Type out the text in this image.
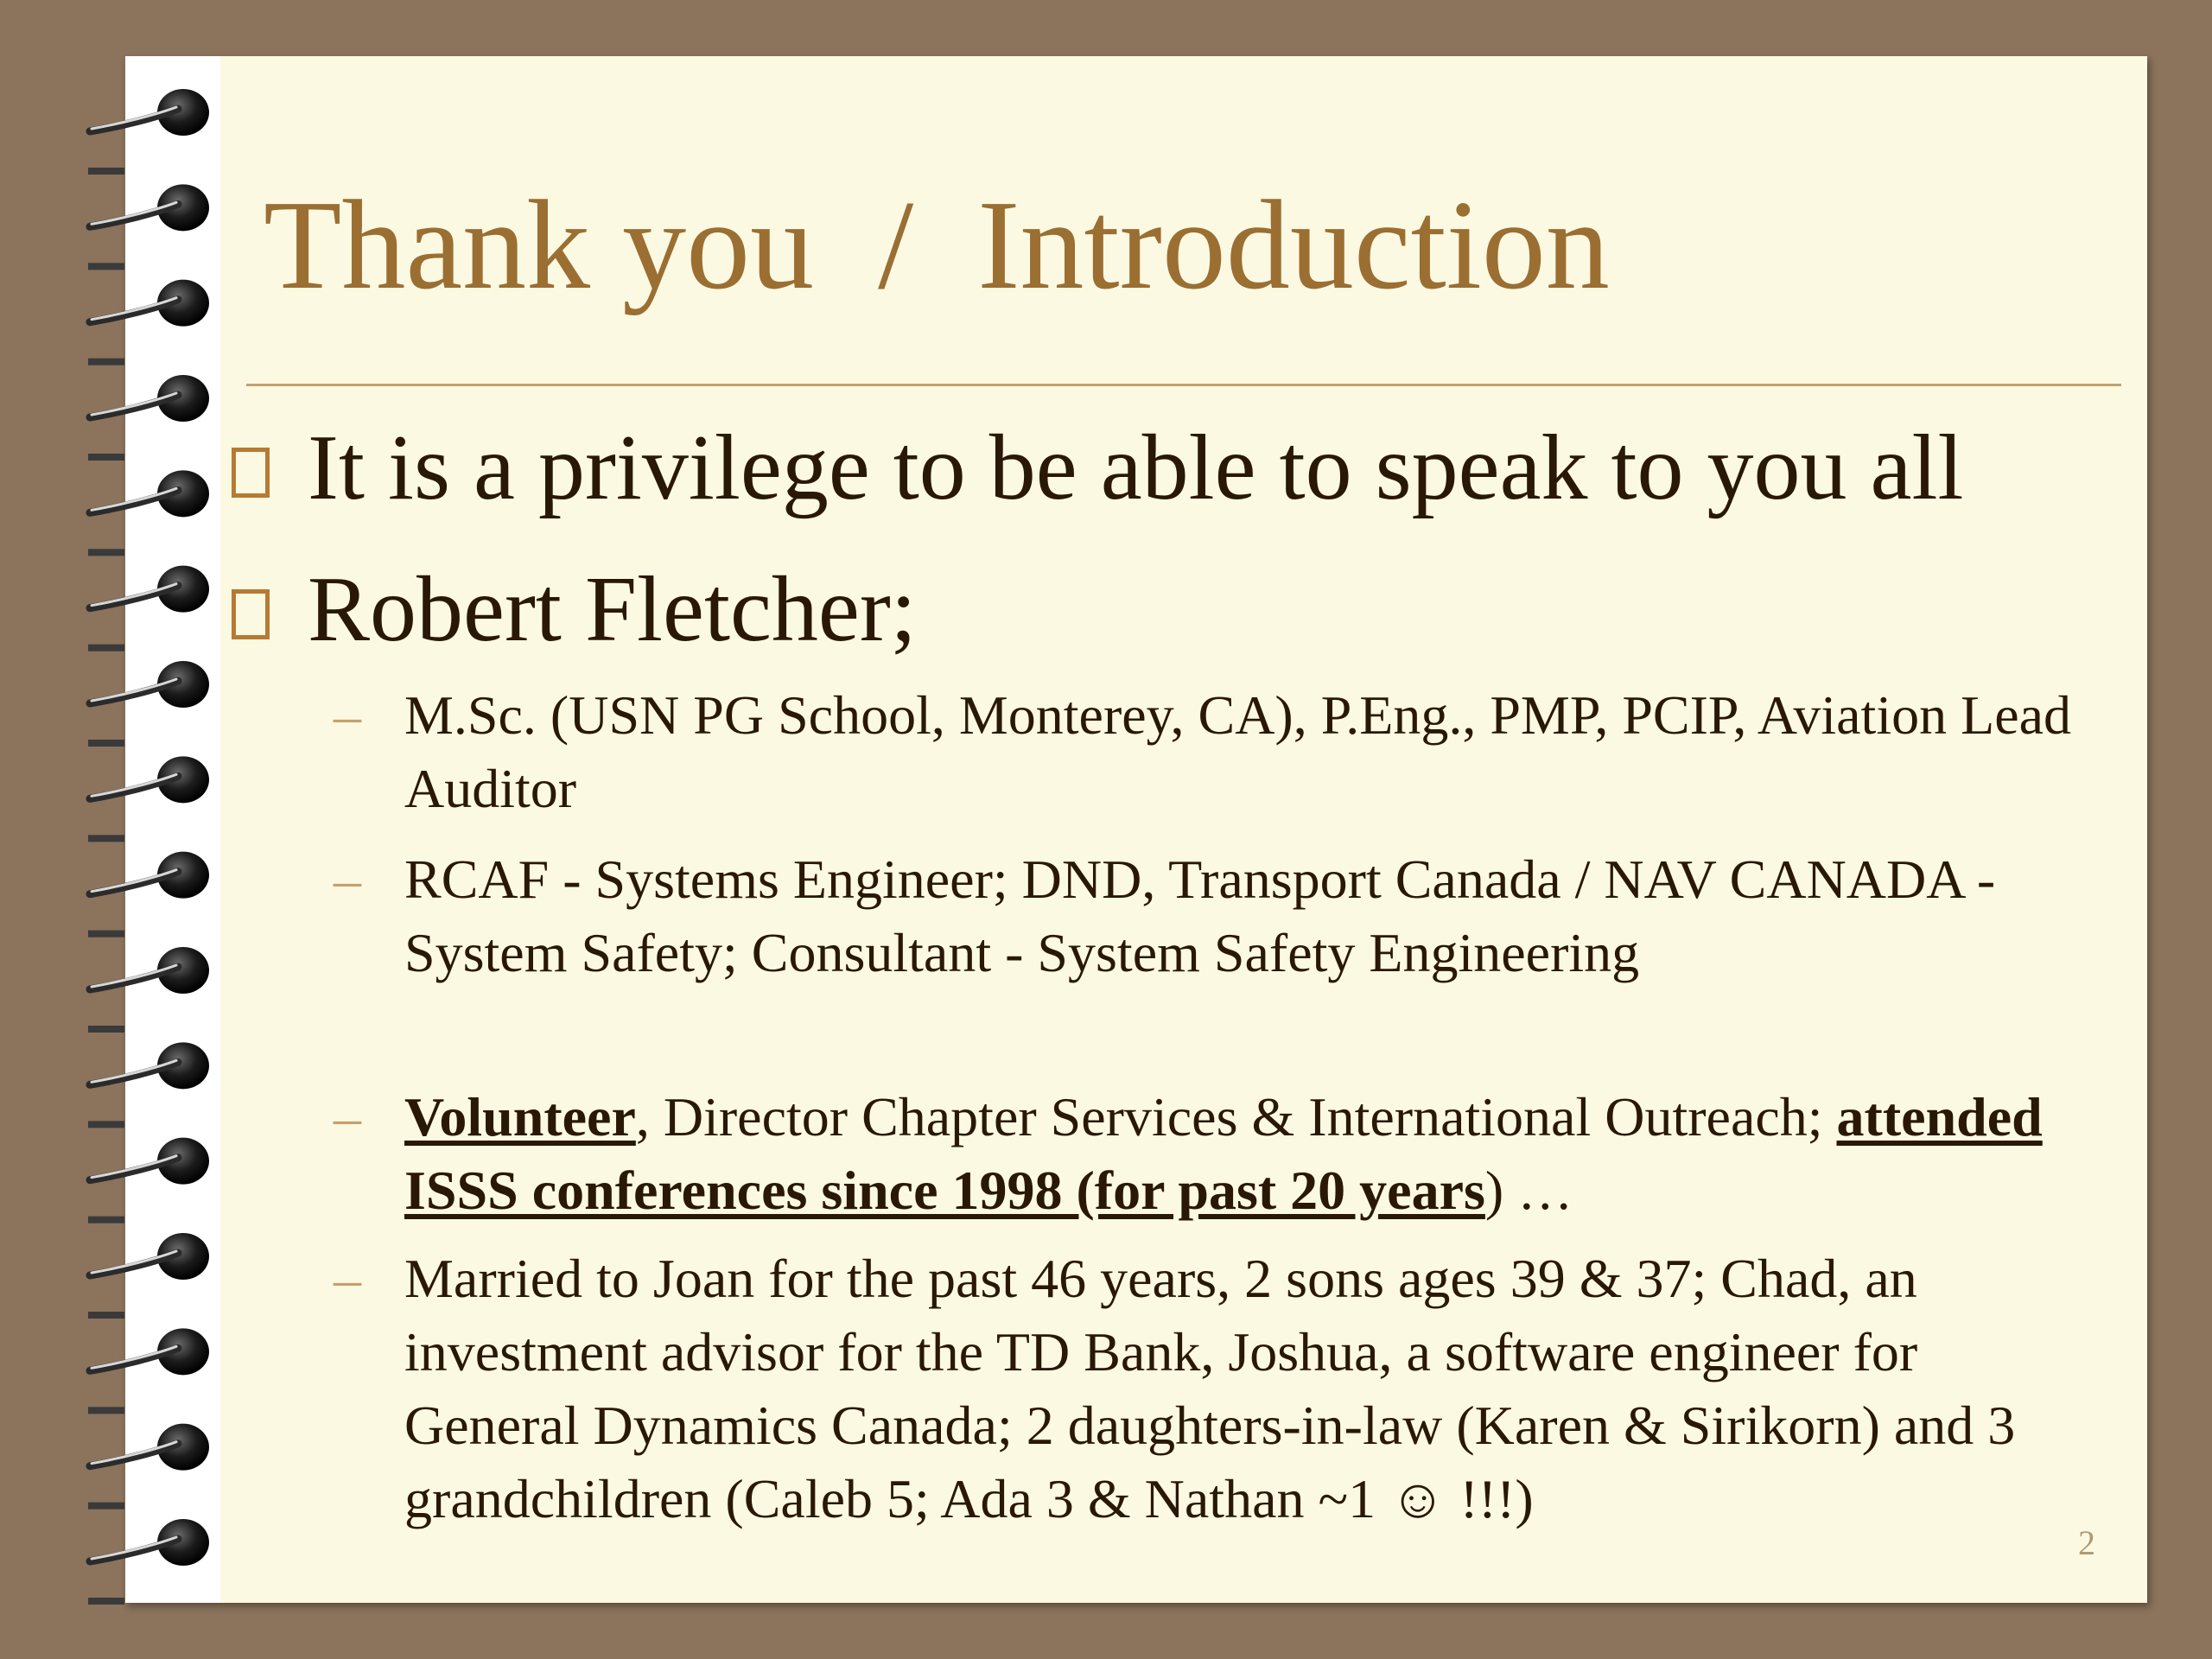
Thank you  /  Introduction
It is a privilege to be able to speak to you all
Robert Fletcher;
– M.Sc. (USN PG School, Monterey, CA), P.Eng., PMP, PCIP, Aviation Lead Auditor
– RCAF - Systems Engineer; DND, Transport Canada / NAV CANADA - System Safety; Consultant - System Safety Engineering
– Volunteer, Director Chapter Services & International Outreach; attended ISSS conferences since 1998 (for past 20 years) …
– Married to Joan for the past 46 years, 2 sons ages 39 & 37; Chad, an investment advisor for the TD Bank, Joshua, a software engineer for General Dynamics Canada; 2 daughters-in-law (Karen & Sirikorn) and 3 grandchildren (Caleb 5; Ada 3 & Nathan ~1 ☺ !!!)
2
